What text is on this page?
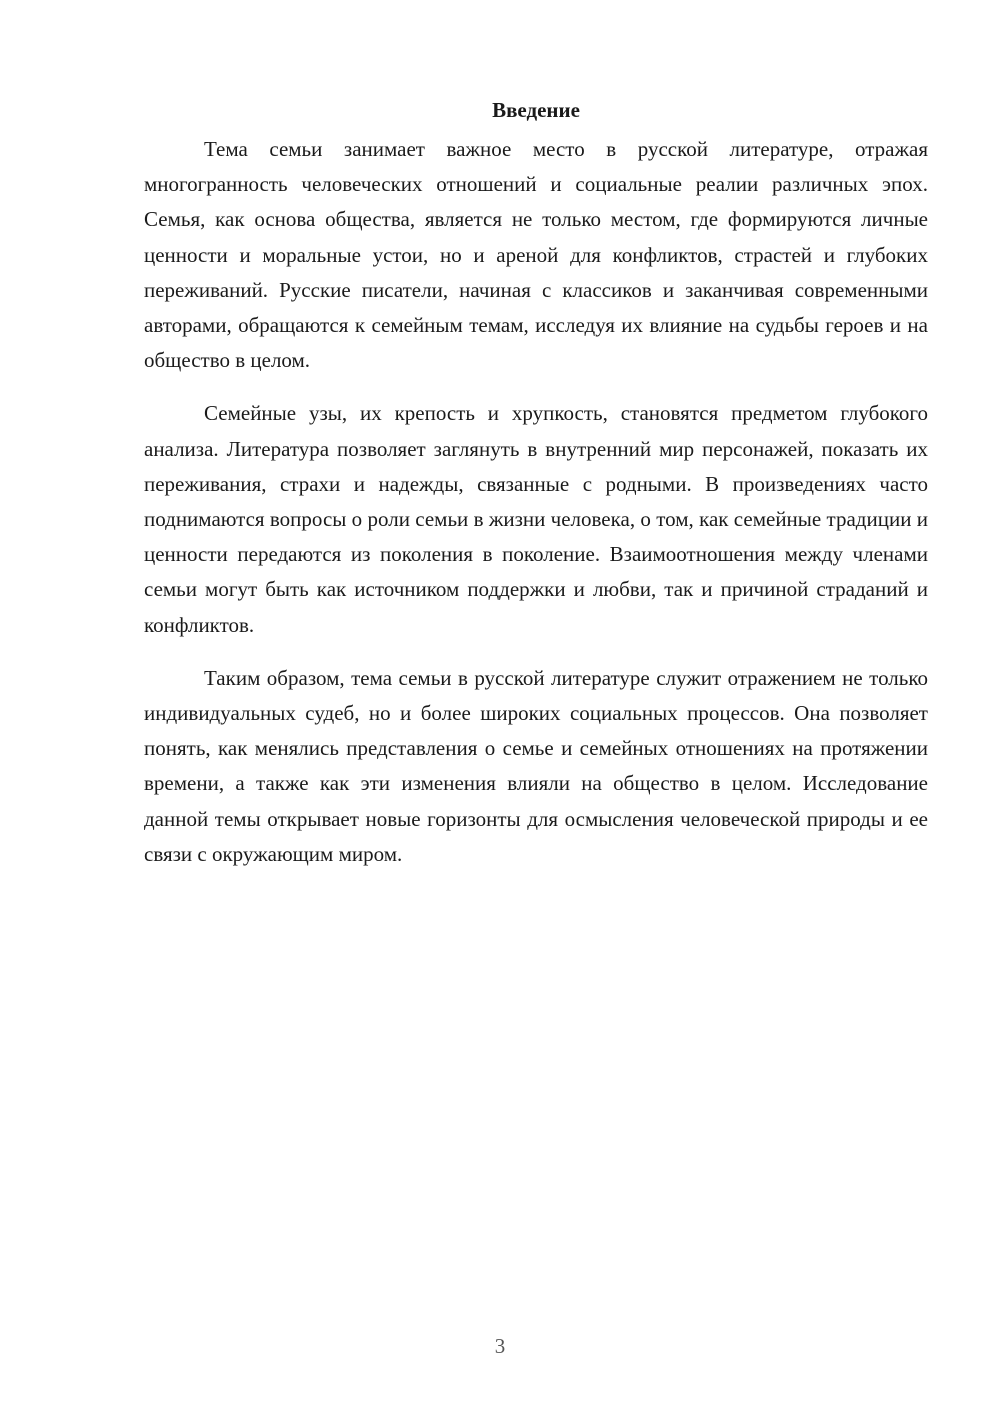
Введение

Тема семьи занимает важное место в русской литературе, отражая многогранность человеческих отношений и социальные реалии различных эпох. Семья, как основа общества, является не только местом, где формируются личные ценности и моральные устои, но и ареной для конфликтов, страстей и глубоких переживаний. Русские писатели, начиная с классиков и заканчивая современными авторами, обращаются к семейным темам, исследуя их влияние на судьбы героев и на общество в целом.

Семейные узы, их крепость и хрупкость, становятся предметом глубокого анализа. Литература позволяет заглянуть в внутренний мир персонажей, показать их переживания, страхи и надежды, связанные с родными. В произведениях часто поднимаются вопросы о роли семьи в жизни человека, о том, как семейные традиции и ценности передаются из поколения в поколение. Взаимоотношения между членами семьи могут быть как источником поддержки и любви, так и причиной страданий и конфликтов.

Таким образом, тема семьи в русской литературе служит отражением не только индивидуальных судеб, но и более широких социальных процессов. Она позволяет понять, как менялись представления о семье и семейных отношениях на протяжении времени, а также как эти изменения влияли на общество в целом. Исследование данной темы открывает новые горизонты для осмысления человеческой природы и ее связи с окружающим миром.

3
